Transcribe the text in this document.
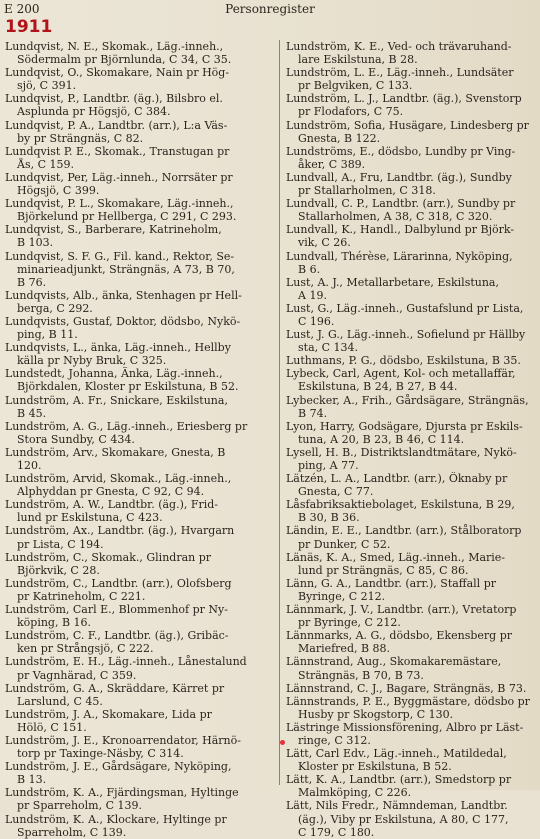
E 200	Personregister
1911
Lundqvist, N. E., Skomak., Läg.-inneh.,
Södermalm pr Björnlunda, C 34, C 35.
Lundqvist, O., Skomakare, Nain pr Hög-
sjö, C 391.
Lundqvist, P., Landtbr. (äg.), Bilsbro el.
Asplunda pr Högsjö, C 384.
Lundqvist, P. A., Landtbr. (arr.), L:a Väs-
by pr Strängnäs, C 82.
Lundqvist P. E., Skomak., Transtugan pr
Ås, C 159.
Lundqvist, Per, Läg.-inneh., Norrsäter pr
Högsjö, C 399.
Lundqvist, P. L., Skomakare, Läg.-inneh.,
Björkelund pr Hellberga, C 291, C 293.
Lundqvist, S., Barberare, Katrineholm,
B 103.
Lundqvist, S. F. G., Fil. kand., Rektor, Se-
minarieadjunkt, Strängnäs, A 73, B 70,
B 76.
Lundqvists, Alb., änka, Stenhagen pr Hell-
berga, C 292.
Lundqvists, Gustaf, Doktor, dödsbo, Nykö-
ping, B 11.
Lundqvists, L., änka, Läg.-inneh., Hellby
källa pr Nyby Bruk, C 325.
Lundstedt, Johanna, Änka, Läg.-inneh.,
Björkdalen, Kloster pr Eskilstuna, B 52.
Lundström, A. Fr., Snickare, Eskilstuna,
B 45.
Lundström, A. G., Läg.-inneh., Eriesberg pr
Stora Sundby, C 434.
Lundström, Arv., Skomakare, Gnesta, B
120.
Lundström, Arvid, Skomak., Läg.-inneh.,
Alphyddan pr Gnesta, C 92, C 94.
Lundström, A. W., Landtbr. (äg.), Frid-
lund pr Eskilstuna, C 423.
Lundström, Ax., Landtbr. (äg.), Hvargarn
pr Lista, C 194.
Lundström, C., Skomak., Glindran pr
Björkvik, C 28.
Lundström, C., Landtbr. (arr.), Olofsberg
pr Katrineholm, C 221.
Lundström, Carl E., Blommenhof pr Ny-
köping, B 16.
Lundström, C. F., Landtbr. (äg.), Gribäc-
ken pr Strångsjö, C 222.
Lundström, E. H., Läg.-inneh., Lånestalund
pr Vagnhärad, C 359.
Lundström, G. A., Skräddare, Kärret pr
Larslund, C 45.
Lundström, J. A., Skomakare, Lida pr
Hölö, C 151.
Lundström, J. E., Kronoarrendator, Härnö-
torp pr Taxinge-Näsby, C 314.
Lundström, J. E., Gårdsägare, Nyköping,
B 13.
Lundström, K. A., Fjärdingsman, Hyltinge
pr Sparreholm, C 139.
Lundström, K. A., Klockare, Hyltinge pr
Sparreholm, C 139.
Lundström, K. E., Ved- och trävaruhand-
lare Eskilstuna, B 28.
Lundström, L. E., Läg.-inneh., Lundsäter
pr Belgviken, C 133.
Lundström, L. J., Landtbr. (äg.), Svenstorp
pr Flodafors, C 75.
Lundström, Sofia, Husägare, Lindesberg pr
Gnesta, B 122.
Lundströms, E., dödsbo, Lundby pr Ving-
åker, C 389.
Lundvall, A., Fru, Landtbr. (äg.), Sundby
pr Stallarholmen, C 318.
Lundvall, C. P., Landtbr. (arr.), Sundby pr
Stallarholmen, A 38, C 318, C 320.
Lundvall, K., Handl., Dalbylund pr Björk-
vik, C 26.
Lundvall, Thérèse, Lärarinna, Nyköping,
B 6.
Lust, A. J., Metallarbetare, Eskilstuna,
A 19.
Lust, G., Läg.-inneh., Gustafslund pr Lista,
C 196.
Lust, J. G., Läg.-inneh., Sofielund pr Hällby
sta, C 134.
Luthmans, P. G., dödsbo, Eskilstuna, B 35.
Lybeck, Carl, Agent, Kol- och metallaffär,
Eskilstuna, B 24, B 27, B 44.
Lybecker, A., Frih., Gårdsägare, Strängnäs,
B 74.
Lyon, Harry, Godsägare, Djursta pr Eskils-
tuna, A 20, B 23, B 46, C 114.
Lysell, H. B., Distriktslandtmätare, Nykö-
ping, A 77.
Lätzén, L. A., Landtbr. (arr.), Öknaby pr
Gnesta, C 77.
Låsfabriksaktiebolaget, Eskilstuna, B 29,
B 30, B 36.
Ländin, E. E., Landtbr. (arr.), Stålboratorp
pr Dunker, C 52.
Länäs, K. A., Smed, Läg.-inneh., Marie-
lund pr Strängnäs, C 85, C 86.
Länn, G. A., Landtbr. (arr.), Staffall pr
Byringe, C 212.
Lännmark, J. V., Landtbr. (arr.), Vretatorp
pr Byringe, C 212.
Lännmarks, A. G., dödsbo, Ekensberg pr
Mariefred, B 88.
Lännstrand, Aug., Skomakaremästare,
Strängnäs, B 70, B 73.
Lännstrand, C. J., Bagare, Strängnäs, B 73.
Lännstrands, P. E., Byggmästare, dödsbo pr
Husby pr Skogstorp, C 130.
Lästringe Missionsförening, Albro pr Läst-
ringe, C 312.
Lätt, Carl Edv., Läg.-inneh., Matildedal,
Kloster pr Eskilstuna, B 52.
Lätt, K. A., Landtbr. (arr.), Smedstorp pr
Malmköping, C 226.
Lätt, Nils Fredr., Nämndeman, Landtbr.
(äg.), Viby pr Eskilstuna, A 80, C 177,
C 179, C 180.
